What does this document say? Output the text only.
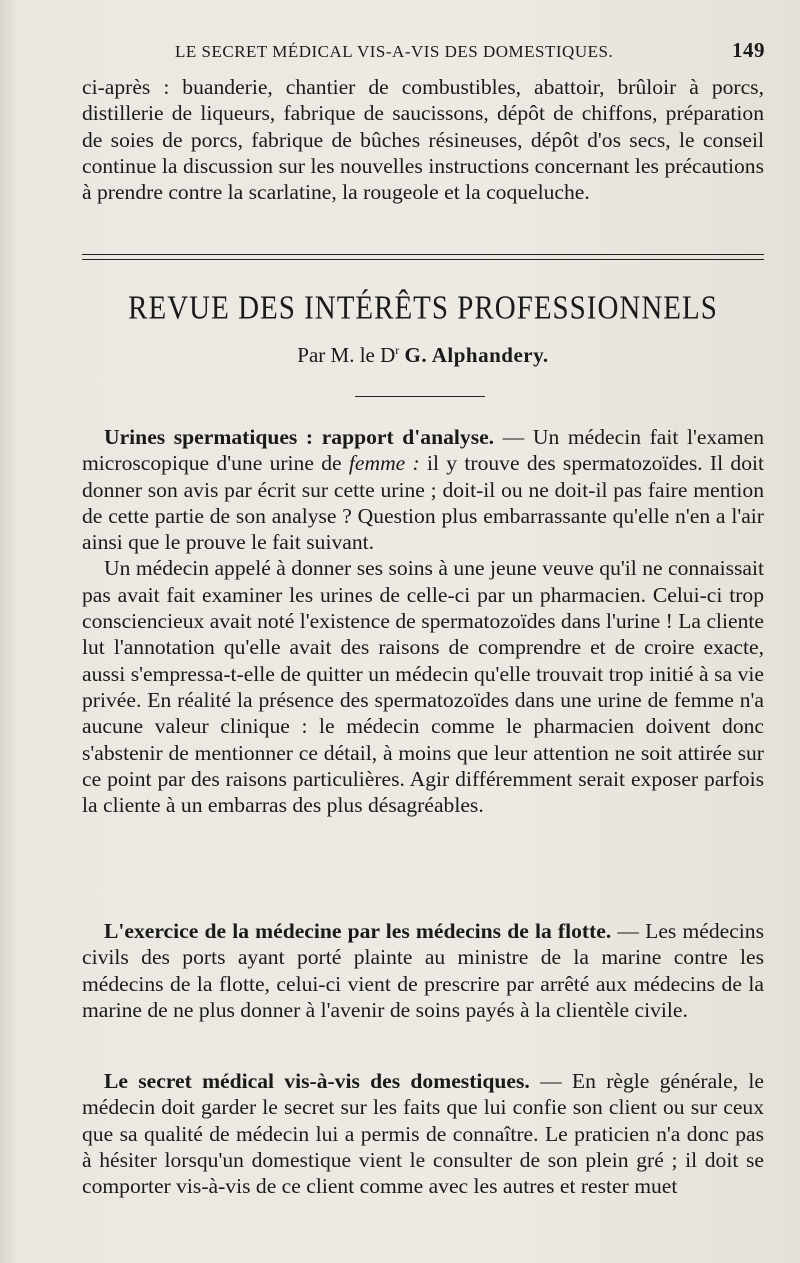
LE SECRET MÉDICAL VIS-A-VIS DES DOMESTIQUES.	149

ci-après : buanderie, chantier de combustibles, abattoir, brûloir à porcs, distillerie de liqueurs, fabrique de saucissons, dépôt de chiffons, préparation de soies de porcs, fabrique de bûches résineuses, dépôt d'os secs, le conseil continue la discussion sur les nouvelles instructions concernant les précautions à prendre contre la scarlatine, la rougeole et la coqueluche.

REVUE DES INTÉRÊTS PROFESSIONNELS
Par M. le $D^r$ G. Alphandery.

Urines spermatiques : rapport d'analyse. — Un médecin fait l'examen microscopique d'une urine de femme : il y trouve des spermatozoïdes. Il doit donner son avis par écrit sur cette urine ; doit-il ou ne doit-il pas faire mention de cette partie de son analyse ? Question plus embarrassante qu'elle n'en a l'air ainsi que le prouve le fait suivant.

Un médecin appelé à donner ses soins à une jeune veuve qu'il ne connaissait pas avait fait examiner les urines de celle-ci par un pharmacien. Celui-ci trop consciencieux avait noté l'existence de spermatozoïdes dans l'urine ! La cliente lut l'annotation qu'elle avait des raisons de comprendre et de croire exacte, aussi s'empressa-t-elle de quitter un médecin qu'elle trouvait trop initié à sa vie privée. En réalité la présence des spermatozoïdes dans une urine de femme n'a aucune valeur clinique : le médecin comme le pharmacien doivent donc s'abstenir de mentionner ce détail, à moins que leur attention ne soit attirée sur ce point par des raisons particulières. Agir différemment serait exposer parfois la cliente à un embarras des plus désagréables.

L'exercice de la médecine par les médecins de la flotte. — Les médecins civils des ports ayant porté plainte au ministre de la marine contre les médecins de la flotte, celui-ci vient de prescrire par arrêté aux médecins de la marine de ne plus donner à l'avenir de soins payés à la clientèle civile.

Le secret médical vis-à-vis des domestiques. — En règle générale, le médecin doit garder le secret sur les faits que lui confie son client ou sur ceux que sa qualité de médecin lui a permis de connaître. Le praticien n'a donc pas à hésiter lorsqu'un domestique vient le consulter de son plein gré ; il doit se comporter vis-à-vis de ce client comme avec les autres et rester muet
